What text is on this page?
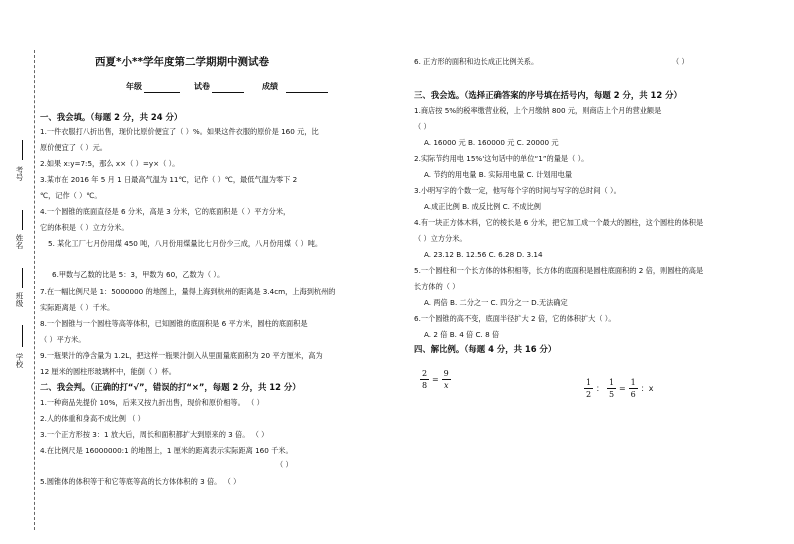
考号
姓名
班级
学校
西夏*小**学年度第二学期期中测试卷
年级	试卷	成绩
一、我会填。（每题 2 分，共 24 分）
1.一件衣服打八折出售，现价比原价便宜了（ ）%。如果这件衣服的原价是 160 元，比
原价便宜了（ ）元。
2.如果 x:y=7:5，那么 x×（ ）=y×（ ）。
3.某市在 2016 年 5 月 1 日最高气温为 11℃，记作（ ）℃，最低气温为零下 2
℃，记作（ ）℃。
4.一个圆锥的底面直径是 6 分米，高是 3 分米，它的底面积是（ ）平方分米，
它的体积是（ ）立方分米。
5. 某化工厂七月份用煤 450 吨，八月份用煤量比七月份少三成，八月份用煤（ ）吨。
6.甲数与乙数的比是 5：3，甲数为 60，乙数为（ ）。
7.在一幅比例尺是 1：5000000 的地图上，量得上海到杭州的距离是 3.4cm，上海到杭州的
实际距离是（ ）千米。
8.一个圆锥与一个圆柱等高等体积，已知圆锥的底面积是 6 平方米，圆柱的底面积是
（ ）平方米。
9.一瓶果汁的净含量为 1.2L，把这样一瓶果汁倒入从里面量底面积为 20 平方厘米，高为
12 厘米的圆柱形玻璃杯中，能倒（ ）杯。
二、我会判。（正确的打“√”，错误的打“×”，每题 2 分，共 12 分）
1.一种商品先提价 10%，后来又按九折出售，现价和原价相等。 （ ）
2.人的体重和身高不成比例 （ ）
3.一个正方形按 3：1 放大后，周长和面积都扩大到原来的 3 倍。 （ ）
4.在比例尺是 16000000:1 的地图上，1 厘米的距离表示实际距离 160 千米。
（ ）
5.圆锥体的体积等于和它等底等高的长方体体积的 3 倍。 （ ）
6. 正方形的面积和边长成正比例关系。	（ ）
三、我会选。（选择正确答案的序号填在括号内，每题 2 分，共 12 分）
1.商店按 5%的税率缴营业税，上个月缴纳 800 元，则商店上个月的营业额是
（ ）
A. 16000 元 B. 160000 元 C. 20000 元
2.实际节约用电 15%'这句话中的单位“1”的量是（ ）。
A. 节约的用电量 B. 实际用电量 C. 计划用电量
3.小明写字的个数一定，他写每个字的时间与写字的总时间（ ）。
A.成正比例 B. 成反比例 C. 不成比例
4.有一块正方体木料，它的棱长是 6 分米，把它加工成一个最大的圆柱，这个圆柱的体积是
（ ）立方分米。
A. 23.12 B. 12.56 C. 6.28 D. 3.14
5.一个圆柱和一个长方体的体积相等，长方体的底面积是圆柱底面积的 2 倍，则圆柱的高是
长方体的（ ）
A. 两倍 B. 二分之一 C. 四分之一 D.无法确定
6.一个圆锥的高不变，底面半径扩大 2 倍，它的体积扩大（ ）。
A. 2 倍 B. 4 倍 C. 8 倍
四、解比例。（每题 4 分，共 16 分）
$\frac{2}{8} = \frac{9}{x}$	$\frac{1}{2}$ ： $\frac{1}{5} = \frac{1}{6}$ ：x
